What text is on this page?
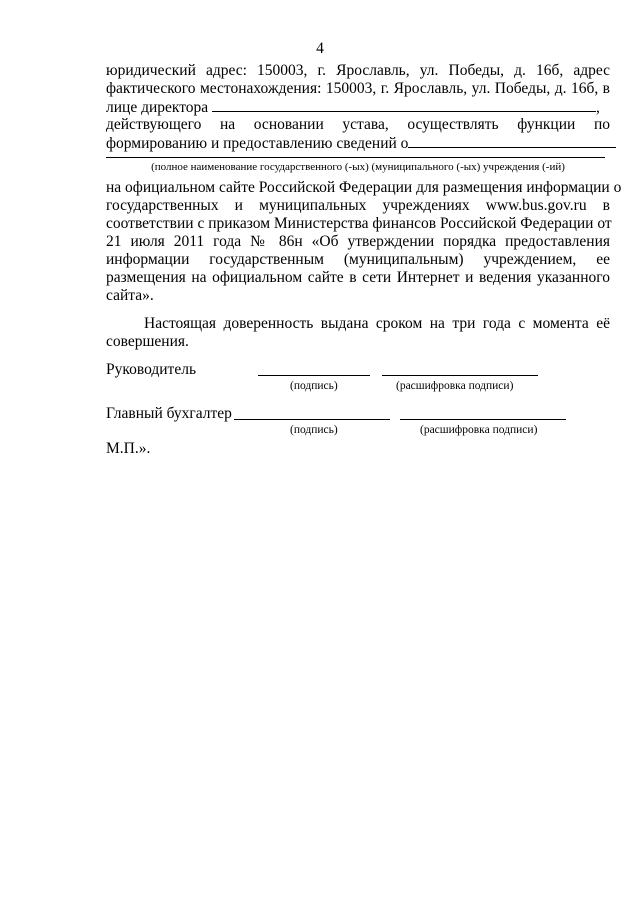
4
юридический адрес: 150003, г. Ярославль, ул. Победы, д. 16б, адрес
фактического местонахождения: 150003, г. Ярославль, ул. Победы, д. 16б, в
лице директора	,
действующего на основании устава, осуществлять функции по
формированию и предоставлению сведений о
(полное наименование государственного (-ых) (муниципального (-ых) учреждения (-ий)
на официальном сайте Российской Федерации для размещения информации о
государственных и муниципальных учреждениях www.bus.gov.ru в
соответствии с приказом Министерства финансов Российской Федерации от
21 июля 2011 года № 86н «Об утверждении порядка предоставления
информации государственным (муниципальным) учреждением, ее
размещения на официальном сайте в сети Интернет и ведения указанного
сайта».
Настоящая доверенность выдана сроком на три года с момента её
совершения.
Руководитель
(подпись)	(расшифровка подписи)
Главный бухгалтер
(подпись)	(расшифровка подписи)
М.П.».
